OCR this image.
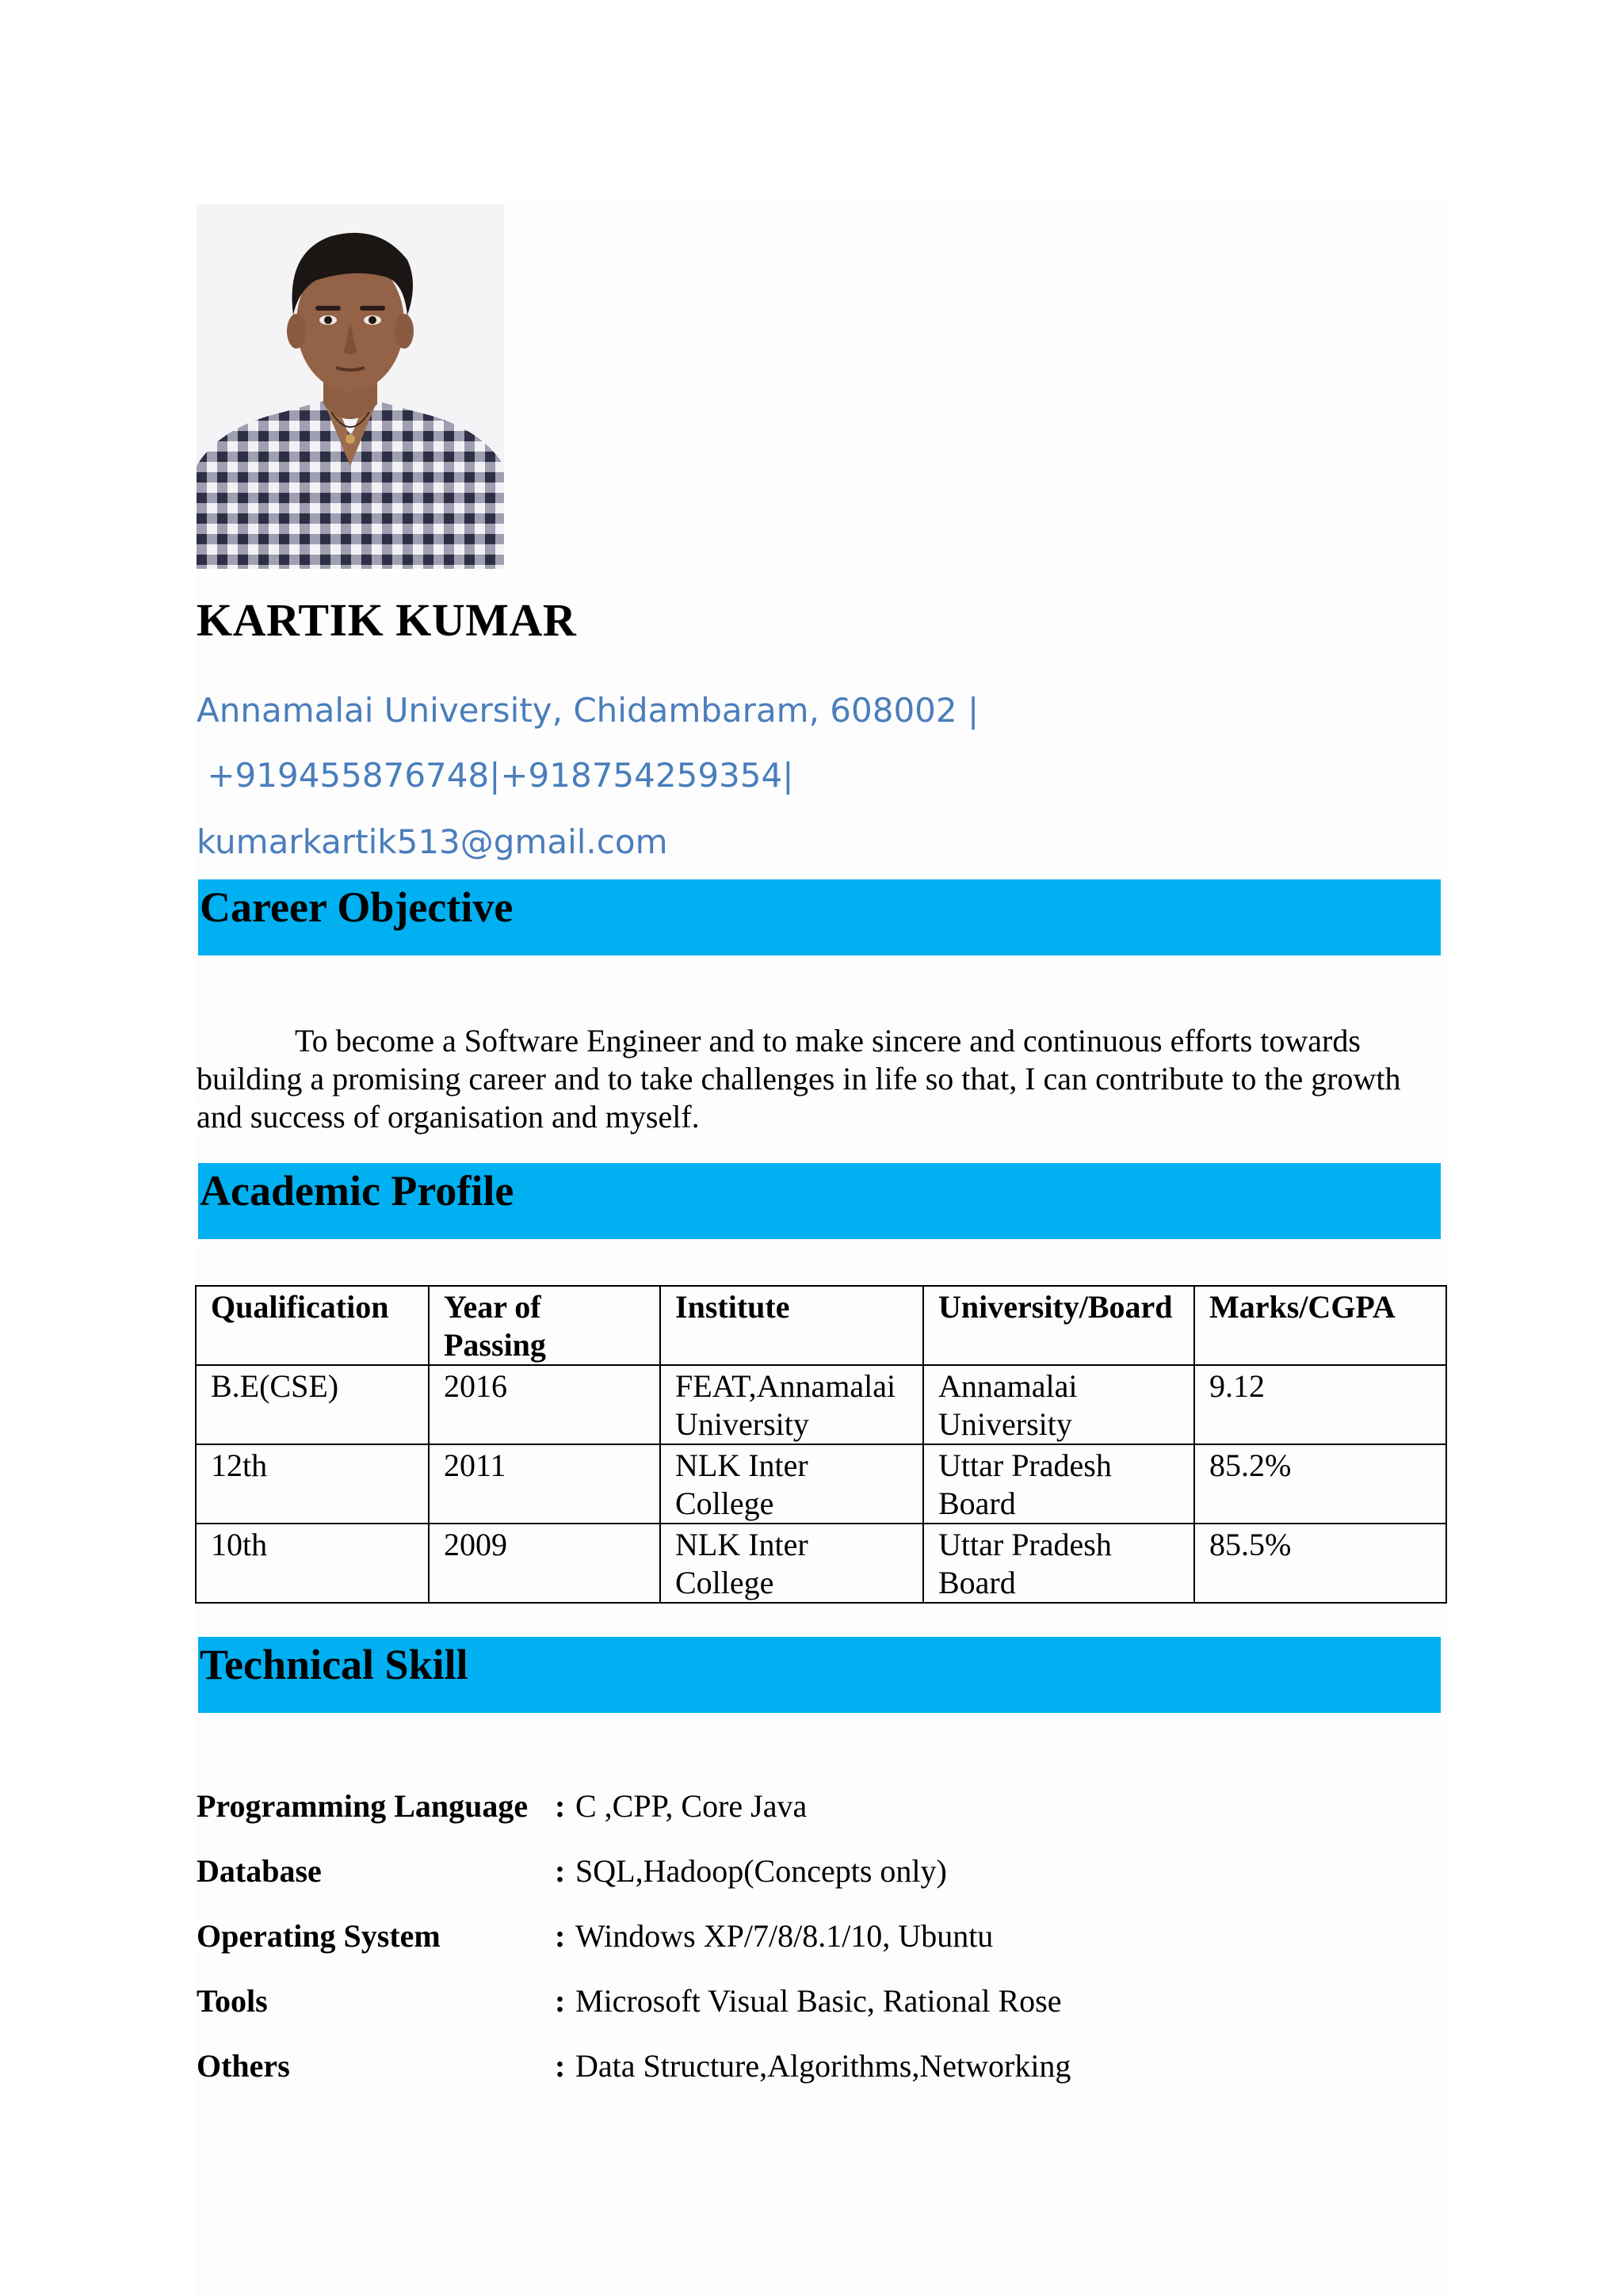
KARTIK KUMAR
Annamalai University, Chidambaram, 608002 |
+919455876748|+918754259354|
kumarkartik513@gmail.com
Career Objective
To become a Software Engineer and to make sincere and continuous efforts towards building a promising career and to take challenges in life so that, I can contribute to the growth and success of organisation and myself.
Academic Profile
Qualification	Year of Passing	Institute	University/Board	Marks/CGPA
B.E(CSE)	2016	FEAT,Annamalai University	Annamalai University	9.12
12th	2011	NLK Inter College	Uttar Pradesh Board	85.2%
10th	2009	NLK Inter College	Uttar Pradesh Board	85.5%
Technical Skill
Programming Language : C ,CPP, Core Java
Database	: SQL,Hadoop(Concepts only)
Operating System	: Windows XP/7/8/8.1/10, Ubuntu
Tools	: Microsoft Visual Basic, Rational Rose
Others	: Data Structure,Algorithms,Networking
